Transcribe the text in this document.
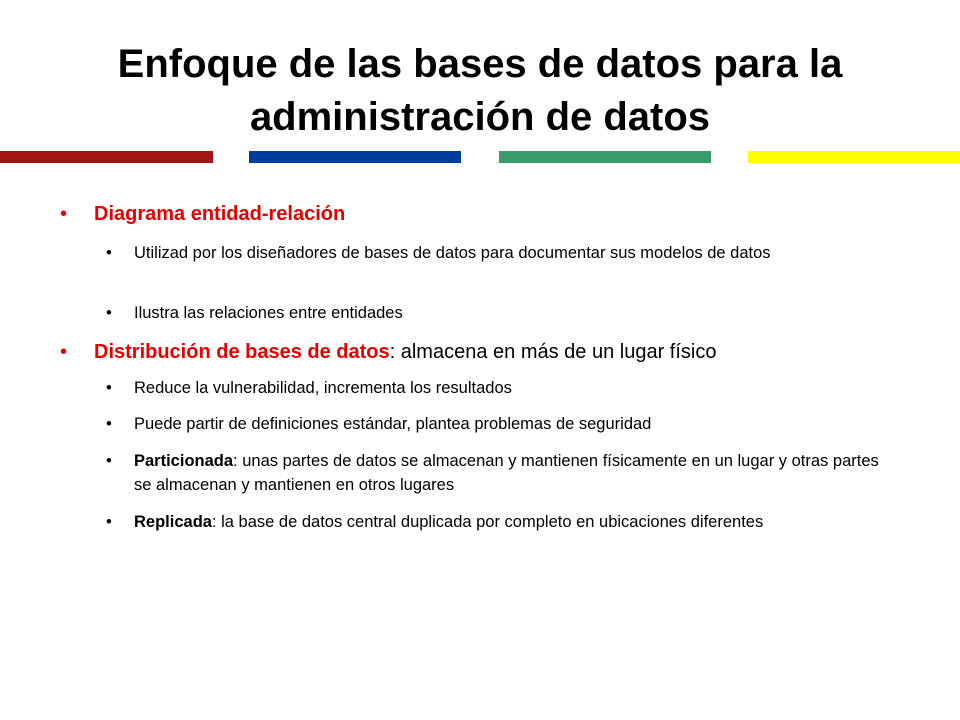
Enfoque de las bases de datos para la
administración de datos
• Diagrama entidad-relación
• Utilizad por los diseñadores de bases de datos para documentar sus modelos de datos
• Ilustra las relaciones entre entidades
• Distribución de bases de datos: almacena en más de un lugar físico
• Reduce la vulnerabilidad, incrementa los resultados
• Puede partir de definiciones estándar, plantea problemas de seguridad
• Particionada: unas partes de datos se almacenan y mantienen físicamente en un lugar y otras partes se almacenan y mantienen en otros lugares
• Replicada: la base de datos central duplicada por completo en ubicaciones diferentes
